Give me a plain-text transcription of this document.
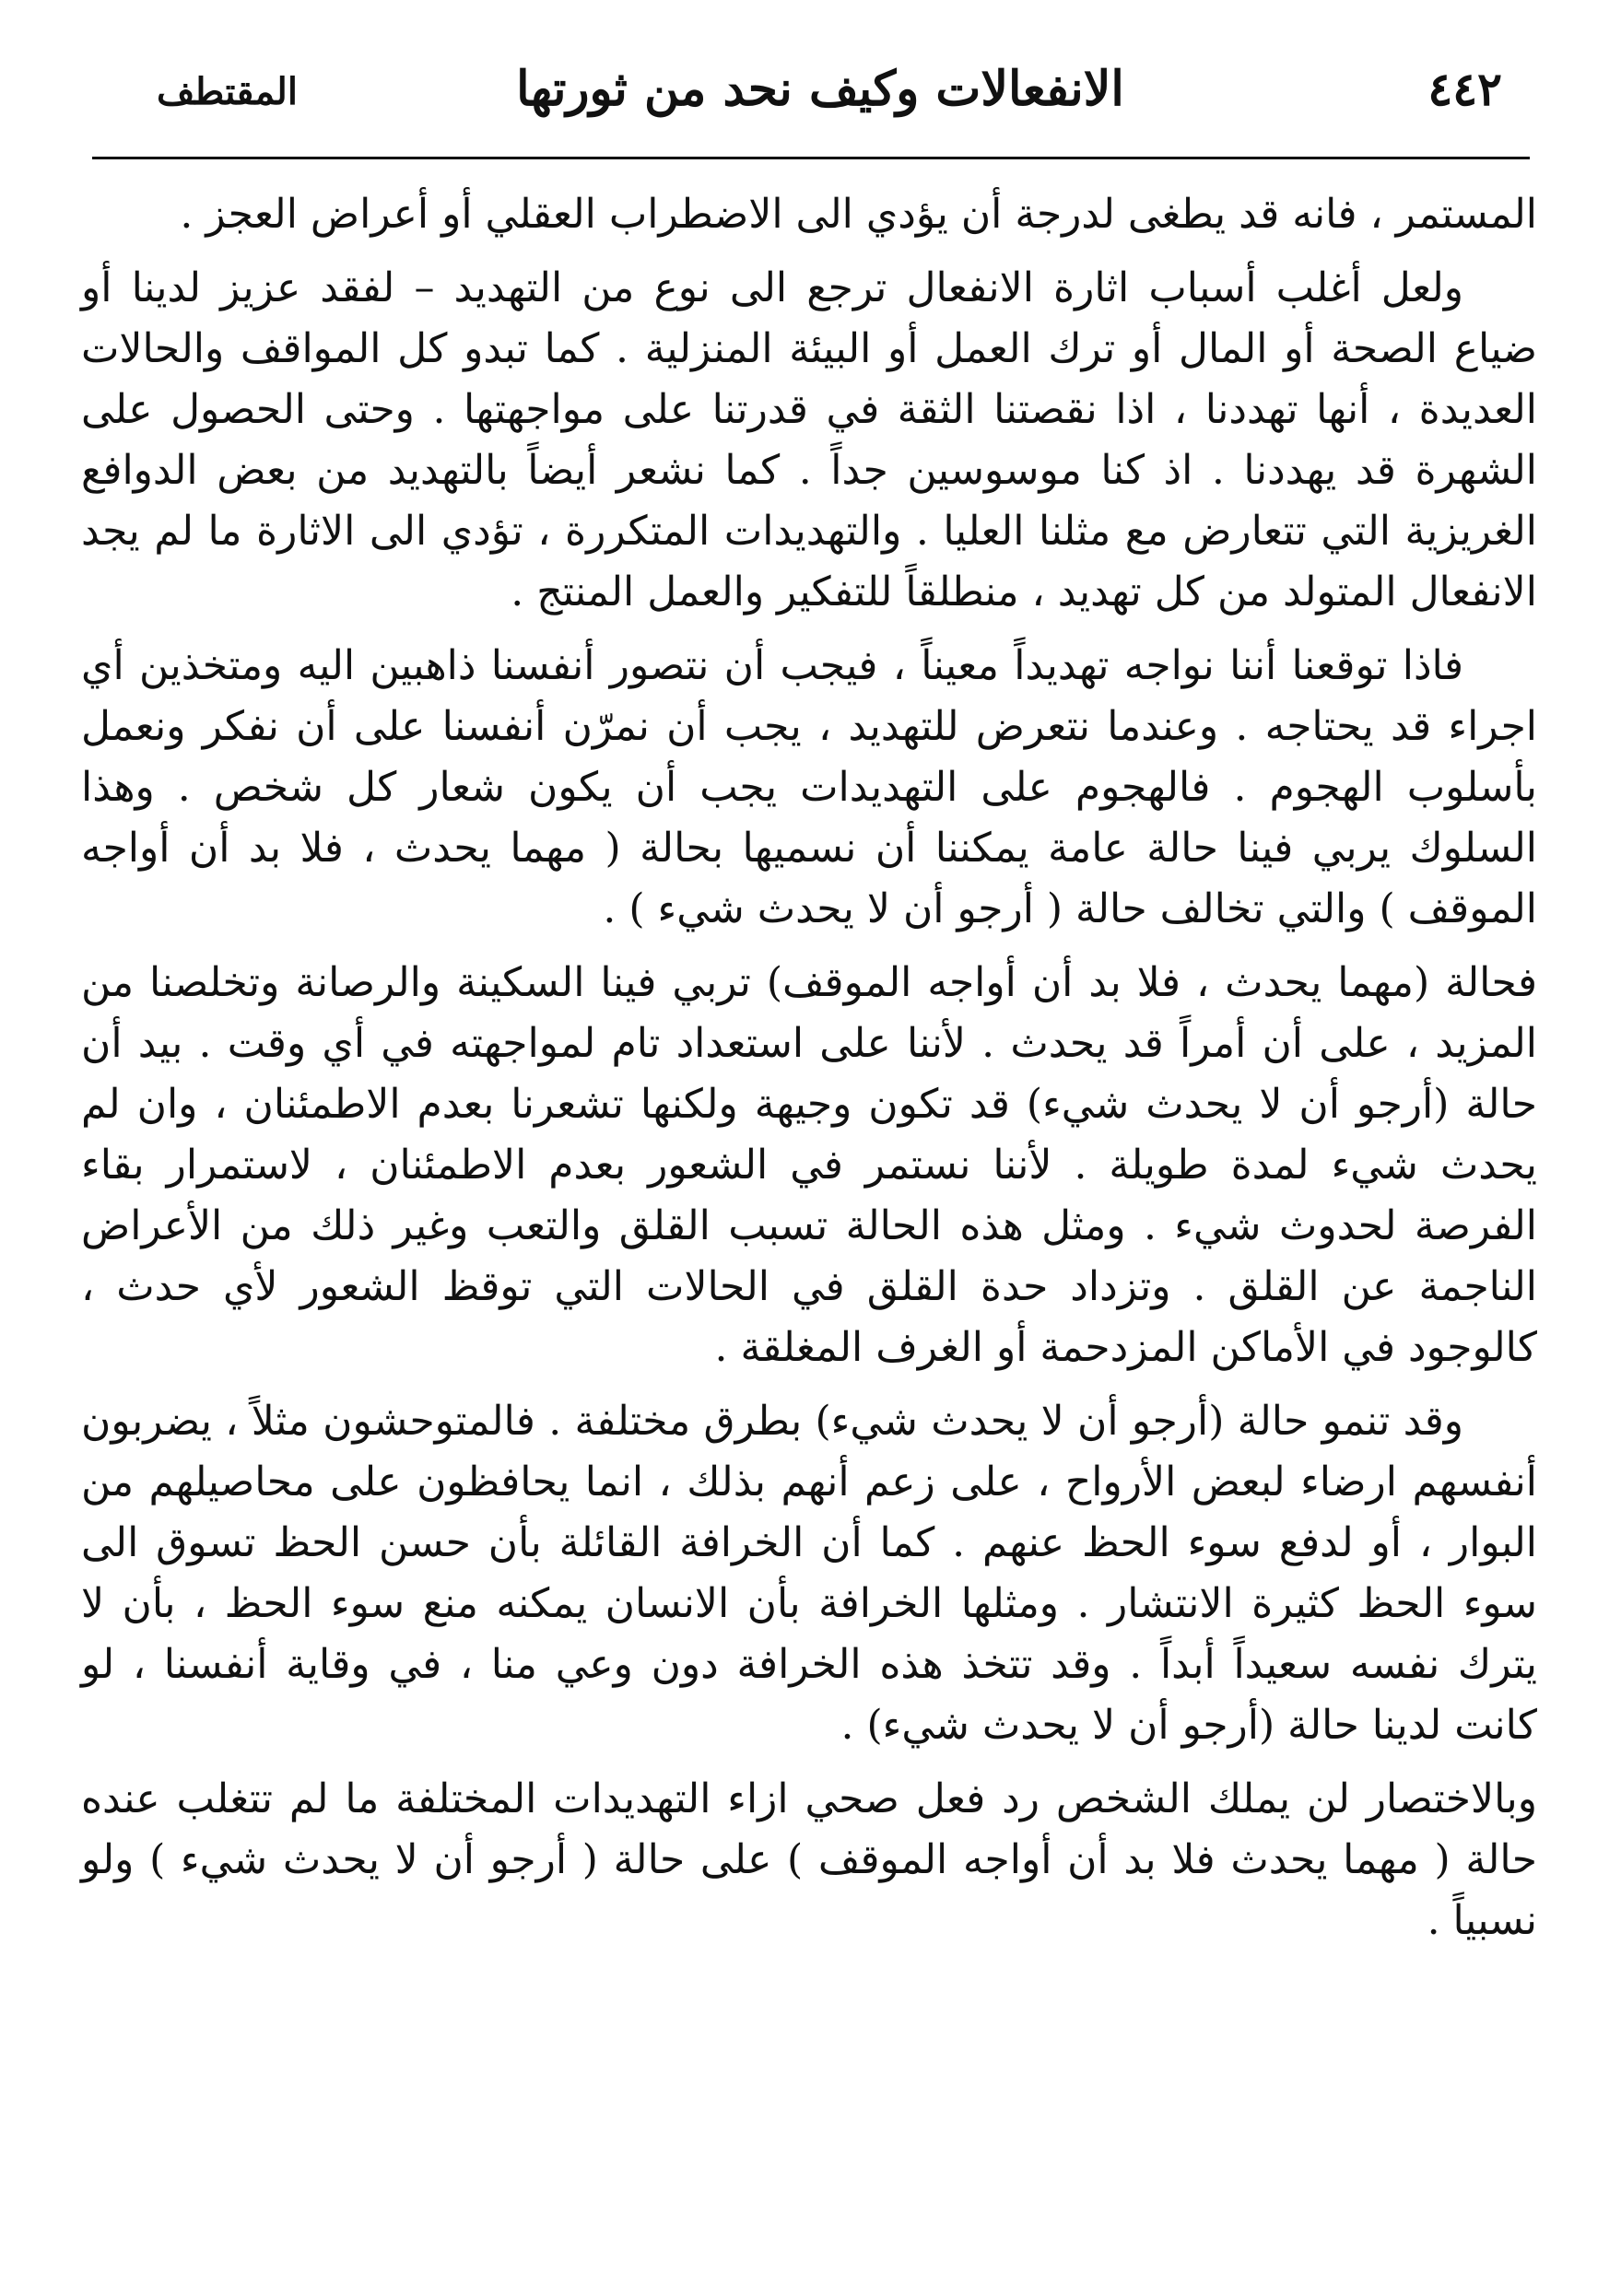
٤٤٢
الانفعالات وكيف نحد من ثورتها
المقتطف

المستمر ، فانه قد يطغى لدرجة أن يؤدي الى الاضطراب العقلي أو أعراض العجز .

ولعل أغلب أسباب اثارة الانفعال ترجع الى نوع من التهديد – لفقد عزيز لدينا أو ضياع الصحة أو المال أو ترك العمل أو البيئة المنزلية . كما تبدو كل المواقف والحالات العديدة ، أنها تهددنا ، اذا نقصتنا الثقة في قدرتنا على مواجهتها . وحتى الحصول على الشهرة قد يهددنا . اذ كنا موسوسين جداً . كما نشعر أيضاً بالتهديد من بعض الدوافع الغريزية التي تتعارض مع مثلنا العليا . والتهديدات المتكررة ، تؤدي الى الاثارة ما لم يجد الانفعال المتولد من كل تهديد ، منطلقاً للتفكير والعمل المنتج .

فاذا توقعنا أننا نواجه تهديداً معيناً ، فيجب أن نتصور أنفسنا ذاهبين اليه ومتخذين أي اجراء قد يحتاجه . وعندما نتعرض للتهديد ، يجب أن نمرّن أنفسنا على أن نفكر ونعمل بأسلوب الهجوم . فالهجوم على التهديدات يجب أن يكون شعار كل شخص . وهذا السلوك يربي فينا حالة عامة يمكننا أن نسميها بحالة ( مهما يحدث ، فلا بد أن أواجه الموقف ) والتي تخالف حالة ( أرجو أن لا يحدث شيء ) .

فحالة (مهما يحدث ، فلا بد أن أواجه الموقف) تربي فينا السكينة والرصانة وتخلصنا من المزيد ، على أن أمراً قد يحدث . لأننا على استعداد تام لمواجهته في أي وقت . بيد أن حالة (أرجو أن لا يحدث شيء) قد تكون وجيهة ولكنها تشعرنا بعدم الاطمئنان ، وان لم يحدث شيء لمدة طويلة . لأننا نستمر في الشعور بعدم الاطمئنان ، لاستمرار بقاء الفرصة لحدوث شيء . ومثل هذه الحالة تسبب القلق والتعب وغير ذلك من الأعراض الناجمة عن القلق . وتزداد حدة القلق في الحالات التي توقظ الشعور لأي حدث ، كالوجود في الأماكن المزدحمة أو الغرف المغلقة .

وقد تنمو حالة (أرجو أن لا يحدث شيء) بطرق مختلفة . فالمتوحشون مثلاً ، يضربون أنفسهم ارضاء لبعض الأرواح ، على زعم أنهم بذلك ، انما يحافظون على محاصيلهم من البوار ، أو لدفع سوء الحظ عنهم . كما أن الخرافة القائلة بأن حسن الحظ تسوق الى سوء الحظ كثيرة الانتشار . ومثلها الخرافة بأن الانسان يمكنه منع سوء الحظ ، بأن لا يترك نفسه سعيداً أبداً . وقد تتخذ هذه الخرافة دون وعي منا ، في وقاية أنفسنا ، لو كانت لدينا حالة (أرجو أن لا يحدث شيء) .

وبالاختصار لن يملك الشخص رد فعل صحي ازاء التهديدات المختلفة ما لم تتغلب عنده حالة ( مهما يحدث فلا بد أن أواجه الموقف ) على حالة ( أرجو أن لا يحدث شيء ) ولو نسبياً .
